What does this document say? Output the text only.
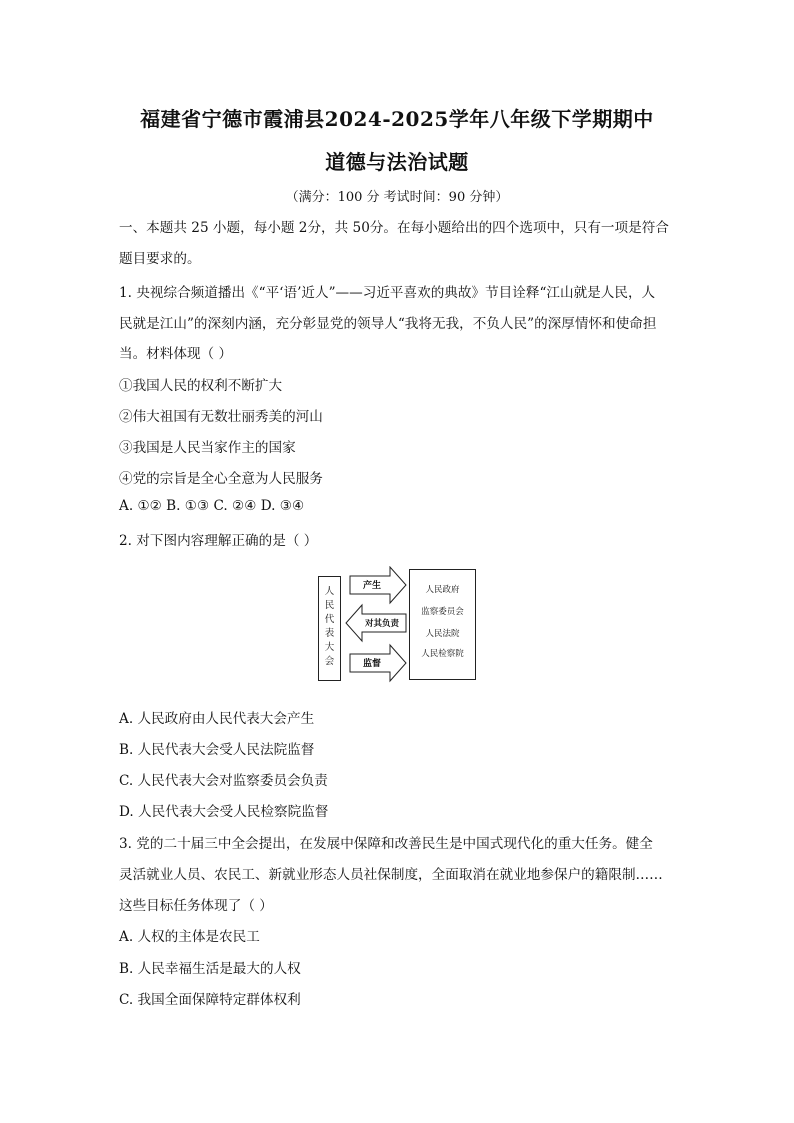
福建省宁德市霞浦县2024-2025学年八年级下学期期中
道德与法治试题
（满分：100 分 考试时间：90 分钟）
一、本题共 25 小题，每小题 2分，共 50分。在每小题给出的四个选项中，只有一项是符合
题目要求的。
1. 央视综合频道播出《“平‘语’近人”——习近平喜欢的典故》节目诠释“江山就是人民，人
民就是江山”的深刻内涵，充分彰显党的领导人“我将无我，不负人民”的深厚情怀和使命担
当。材料体现（ ）
①我国人民的权利不断扩大
②伟大祖国有无数壮丽秀美的河山
③我国是人民当家作主的国家
④党的宗旨是全心全意为人民服务
A. ①② B. ①③ C. ②④ D. ③④
2. 对下图内容理解正确的是（ ）
人民代表大会
产生
对其负责
监督
人民政府
监察委员会
人民法院
人民检察院
A. 人民政府由人民代表大会产生
B. 人民代表大会受人民法院监督
C. 人民代表大会对监察委员会负责
D. 人民代表大会受人民检察院监督
3. 党的二十届三中全会提出，在发展中保障和改善民生是中国式现代化的重大任务。健全
灵活就业人员、农民工、新就业形态人员社保制度，全面取消在就业地参保户的籍限制……
这些目标任务体现了（ ）
A. 人权的主体是农民工
B. 人民幸福生活是最大的人权
C. 我国全面保障特定群体权利
